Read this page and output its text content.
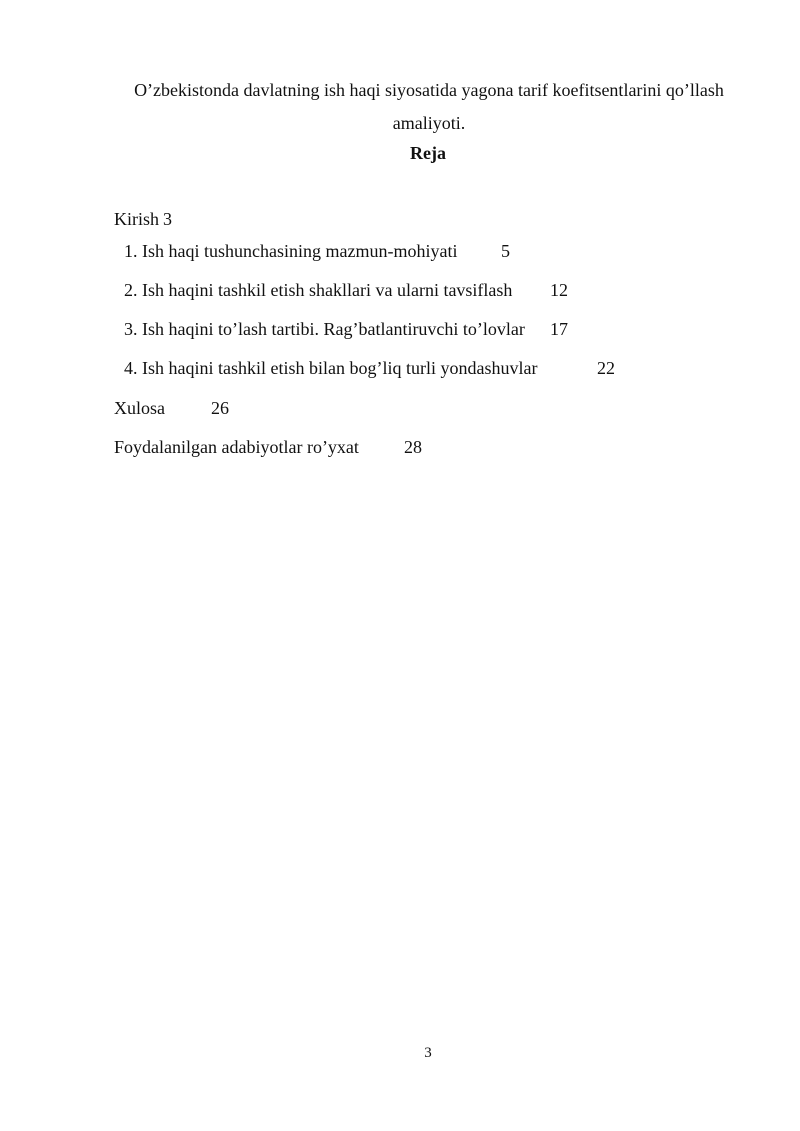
O’zbekistonda davlatning ish haqi siyosatida yagona tarif koefitsentlarini qo’llash amaliyoti.
Reja
Kirish 3
1. Ish haqi tushunchasining mazmun-mohiyati 5
2. Ish haqini tashkil etish shakllari va ularni tavsiflash 12
3. Ish haqini to’lash tartibi. Rag’batlantiruvchi to’lovlar 17
4. Ish haqini tashkil etish bilan bog’liq turli yondashuvlar	22
Xulosa	26
Foydalanilgan adabiyotlar ro’yxat	28
3
